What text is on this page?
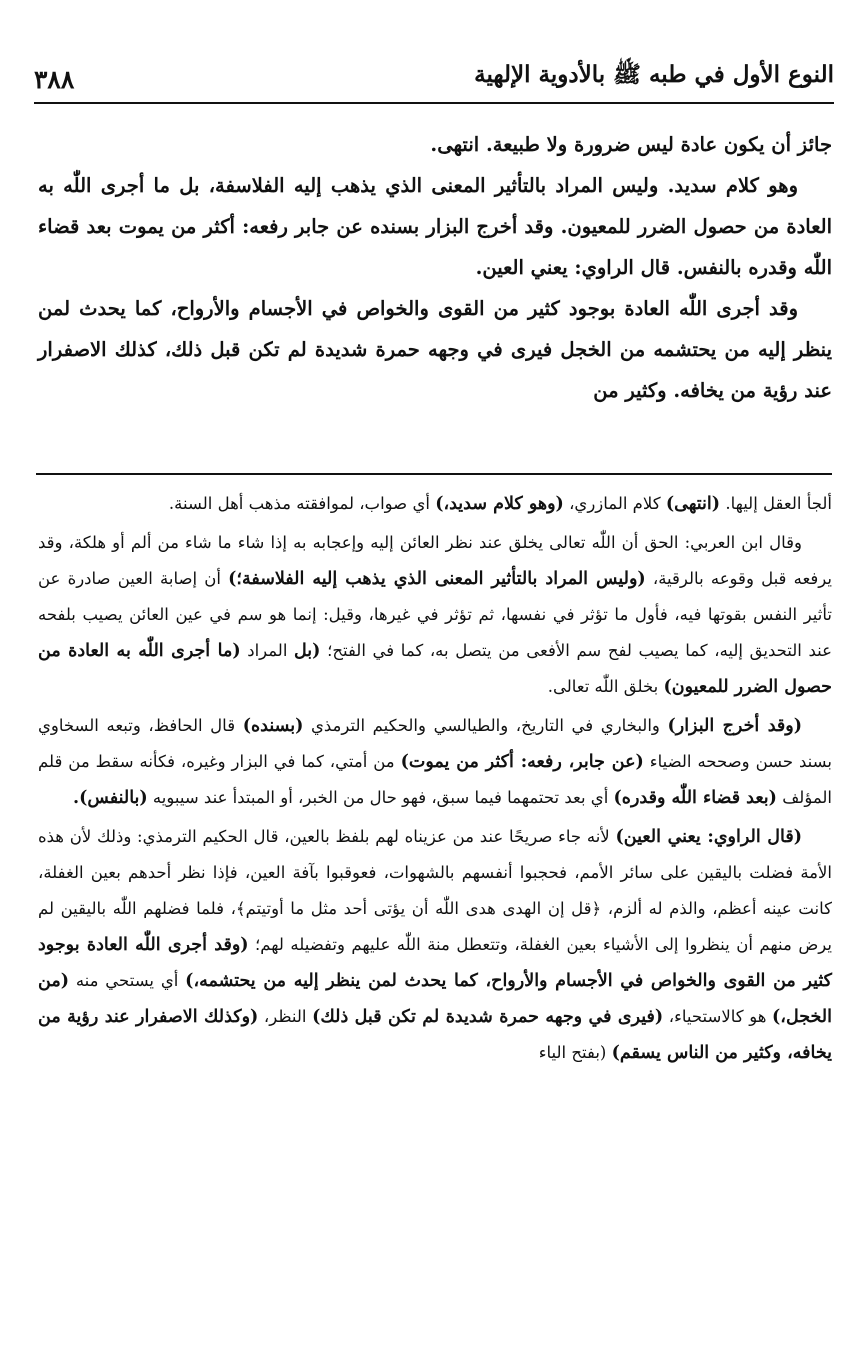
النوع الأول في طبه ﷺ بالأدوية الإلهية
٣٨٨

جائز أن يكون عادة ليس ضرورة ولا طبيعة. انتهى.

وهو كلام سديد. وليس المراد بالتأثير المعنى الذي يذهب إليه الفلاسفة، بل ما أجرى اللّٰه به العادة من حصول الضرر للمعيون. وقد أخرج البزار بسنده عن جابر رفعه: أكثر من يموت بعد قضاء اللّٰه وقدره بالنفس. قال الراوي: يعني العين.

وقد أجرى اللّٰه العادة بوجود كثير من القوى والخواص في الأجسام والأرواح، كما يحدث لمن ينظر إليه من يحتشمه من الخجل فيرى في وجهه حمرة شديدة لم تكن قبل ذلك، كذلك الاصفرار عند رؤية من يخافه. وكثير من

ألجأ العقل إليها. (انتهى) كلام المازري، (وهو كلام سديد،) أي صواب، لموافقته مذهب أهل السنة.

وقال ابن العربي: الحق أن اللّٰه تعالى يخلق عند نظر العائن إليه وإعجابه به إذا شاء ما شاء من ألم أو هلكة، وقد يرفعه قبل وقوعه بالرقية، (وليس المراد بالتأثير المعنى الذي يذهب إليه الفلاسفة؛) أن إصابة العين صادرة عن تأثير النفس بقوتها فيه، فأول ما تؤثر في نفسها، ثم تؤثر في غيرها، وقيل: إنما هو سم في عين العائن يصيب بلفحه عند التحديق إليه، كما يصيب لفح سم الأفعى من يتصل به، كما في الفتح؛ (بل المراد (ما أجرى اللّٰه به العادة من حصول الضرر للمعيون) بخلق اللّٰه تعالى.

(وقد أخرج البزار) والبخاري في التاريخ، والطيالسي والحكيم الترمذي (بسنده) قال الحافظ، وتبعه السخاوي بسند حسن وصححه الضياء (عن جابر، رفعه: أكثر من يموت) من أمتي، كما في البزار وغيره، فكأنه سقط من قلم المؤلف (بعد قضاء اللّٰه وقدره) أي بعد تحتمهما فيما سبق، فهو حال من الخبر، أو المبتدأ عند سيبويه (بالنفس).

(قال الراوي: يعني العين) لأنه جاء صريحًا عند من عزيناه لهم بلفظ بالعين، قال الحكيم الترمذي: وذلك لأن هذه الأمة فضلت باليقين على سائر الأمم، فحجبوا أنفسهم بالشهوات، فعوقبوا بآفة العين، فإذا نظر أحدهم بعين الغفلة، كانت عينه أعظم، والذم له ألزم، ﴿قل إن الهدى هدى اللّٰه أن يؤتى أحد مثل ما أوتيتم﴾، فلما فضلهم اللّٰه باليقين لم يرض منهم أن ينظروا إلى الأشياء بعين الغفلة، وتتعطل منة اللّٰه عليهم وتفضيله لهم؛ (وقد أجرى اللّٰه العادة بوجود كثير من القوى والخواص في الأجسام والأرواح، كما يحدث لمن ينظر إليه من يحتشمه،) أي يستحي منه (من الخجل،) هو كالاستحياء، (فيرى في وجهه حمرة شديدة لم تكن قبل ذلك) النظر، (وكذلك الاصفرار عند رؤية من يخافه، وكثير من الناس يسقم) (بفتح الياء
